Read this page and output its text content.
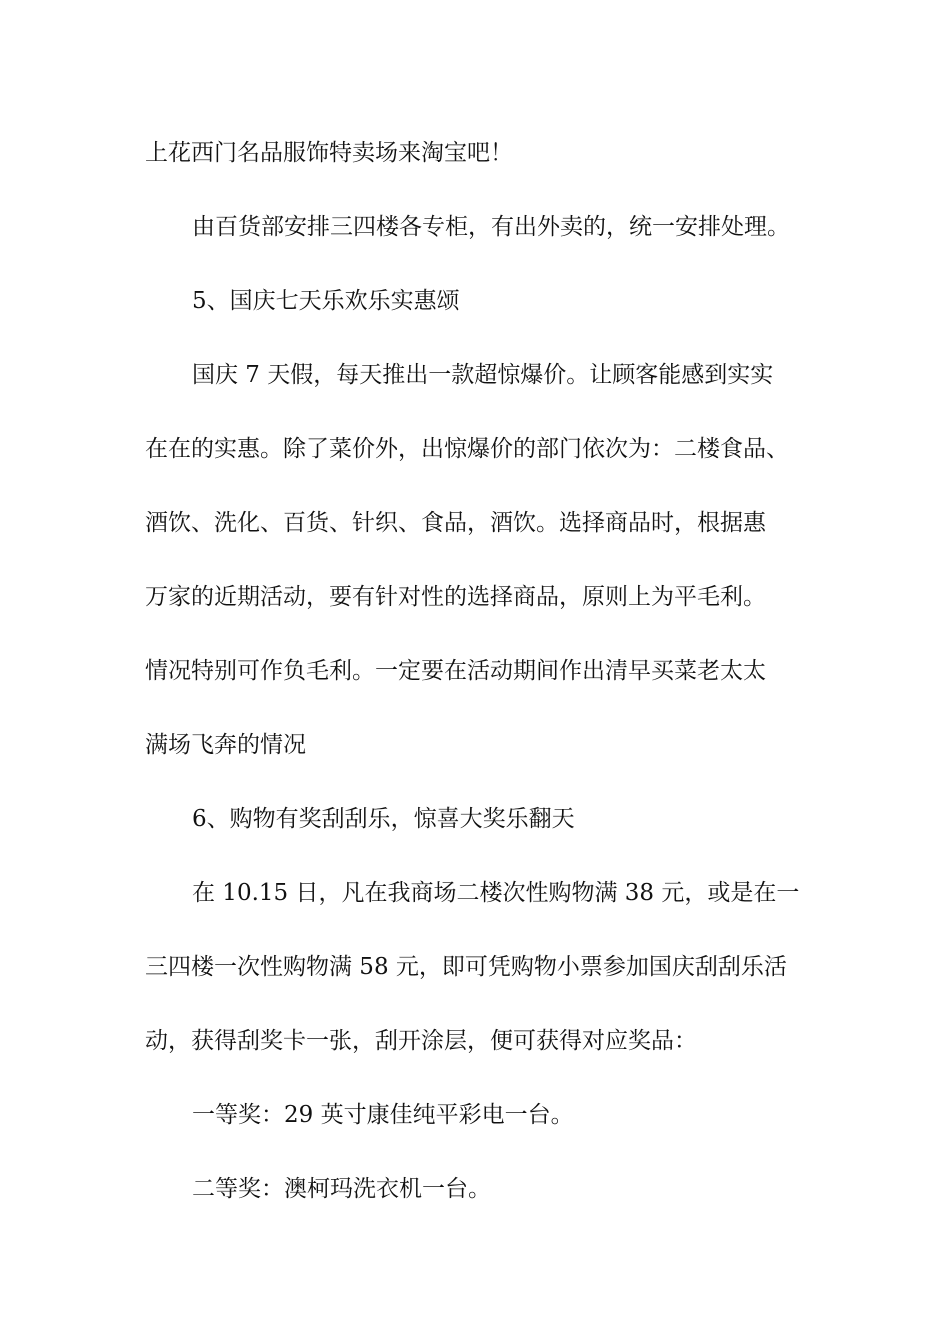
上花西门名品服饰特卖场来淘宝吧！
由百货部安排三四楼各专柜，有出外卖的，统一安排处理。
5、国庆七天乐欢乐实惠颂
国庆 7 天假，每天推出一款超惊爆价。让顾客能感到实实
在在的实惠。除了菜价外，出惊爆价的部门依次为：二楼食品、
酒饮、洗化、百货、针织、食品，酒饮。选择商品时，根据惠
万家的近期活动，要有针对性的选择商品，原则上为平毛利。
情况特别可作负毛利。一定要在活动期间作出清早买菜老太太
满场飞奔的情况
6、购物有奖刮刮乐，惊喜大奖乐翻天
在 10.15 日，凡在我商场二楼次性购物满 38 元，或是在一
三四楼一次性购物满 58 元，即可凭购物小票参加国庆刮刮乐活
动，获得刮奖卡一张，刮开涂层，便可获得对应奖品：
一等奖：29 英寸康佳纯平彩电一台。
二等奖：澳柯玛洗衣机一台。
